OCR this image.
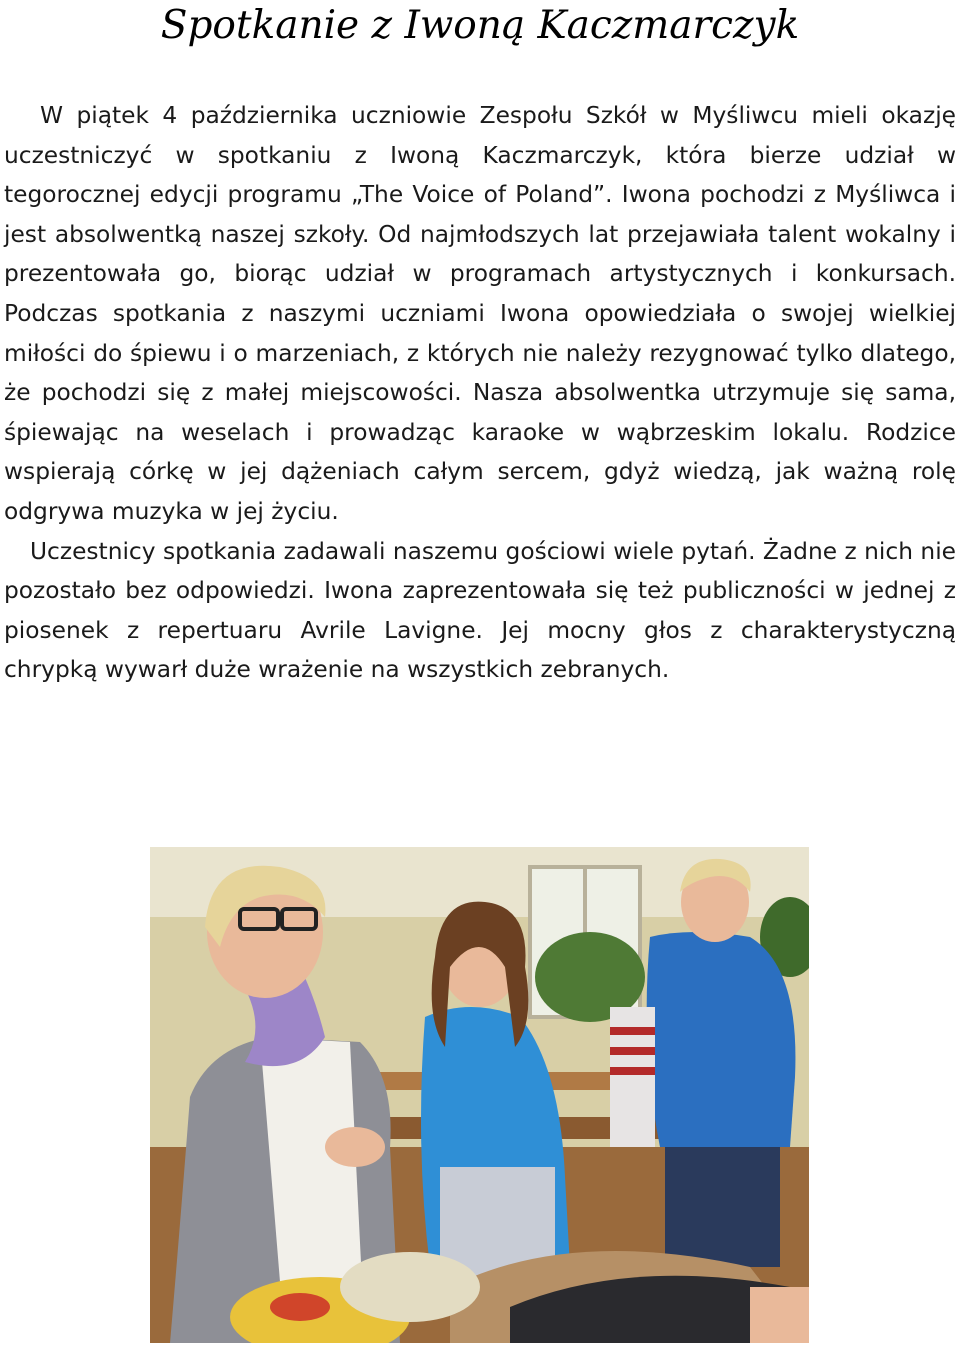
Spotkanie z Iwoną Kaczmarczyk

W piątek 4 października uczniowie Zespołu Szkół w Myśliwcu mieli okazję uczestniczyć w spotkaniu z Iwoną Kaczmarczyk, która bierze udział w tegorocznej edycji programu „The Voice of Poland”. Iwona pochodzi z Myśliwca i jest absolwentką naszej szkoły. Od najmłodszych lat przejawiała talent wokalny i prezentowała go, biorąc udział w programach artystycznych i konkursach. Podczas spotkania z naszymi uczniami Iwona opowiedziała o swojej wielkiej miłości do śpiewu i o marzeniach, z których nie należy rezygnować tylko dlatego, że pochodzi się z małej miejscowości. Nasza absolwentka utrzymuje się sama, śpiewając na weselach i prowadząc karaoke w wąbrzeskim lokalu. Rodzice wspierają córkę w jej dążeniach całym sercem, gdyż wiedzą, jak ważną rolę odgrywa muzyka w jej życiu.

Uczestnicy spotkania zadawali naszemu gościowi wiele pytań. Żadne z nich nie pozostało bez odpowiedzi. Iwona zaprezentowała się też publiczności w jednej z piosenek z repertuaru Avrile Lavigne. Jej mocny głos z charakterystyczną chrypką wywarł duże wrażenie na wszystkich zebranych.
